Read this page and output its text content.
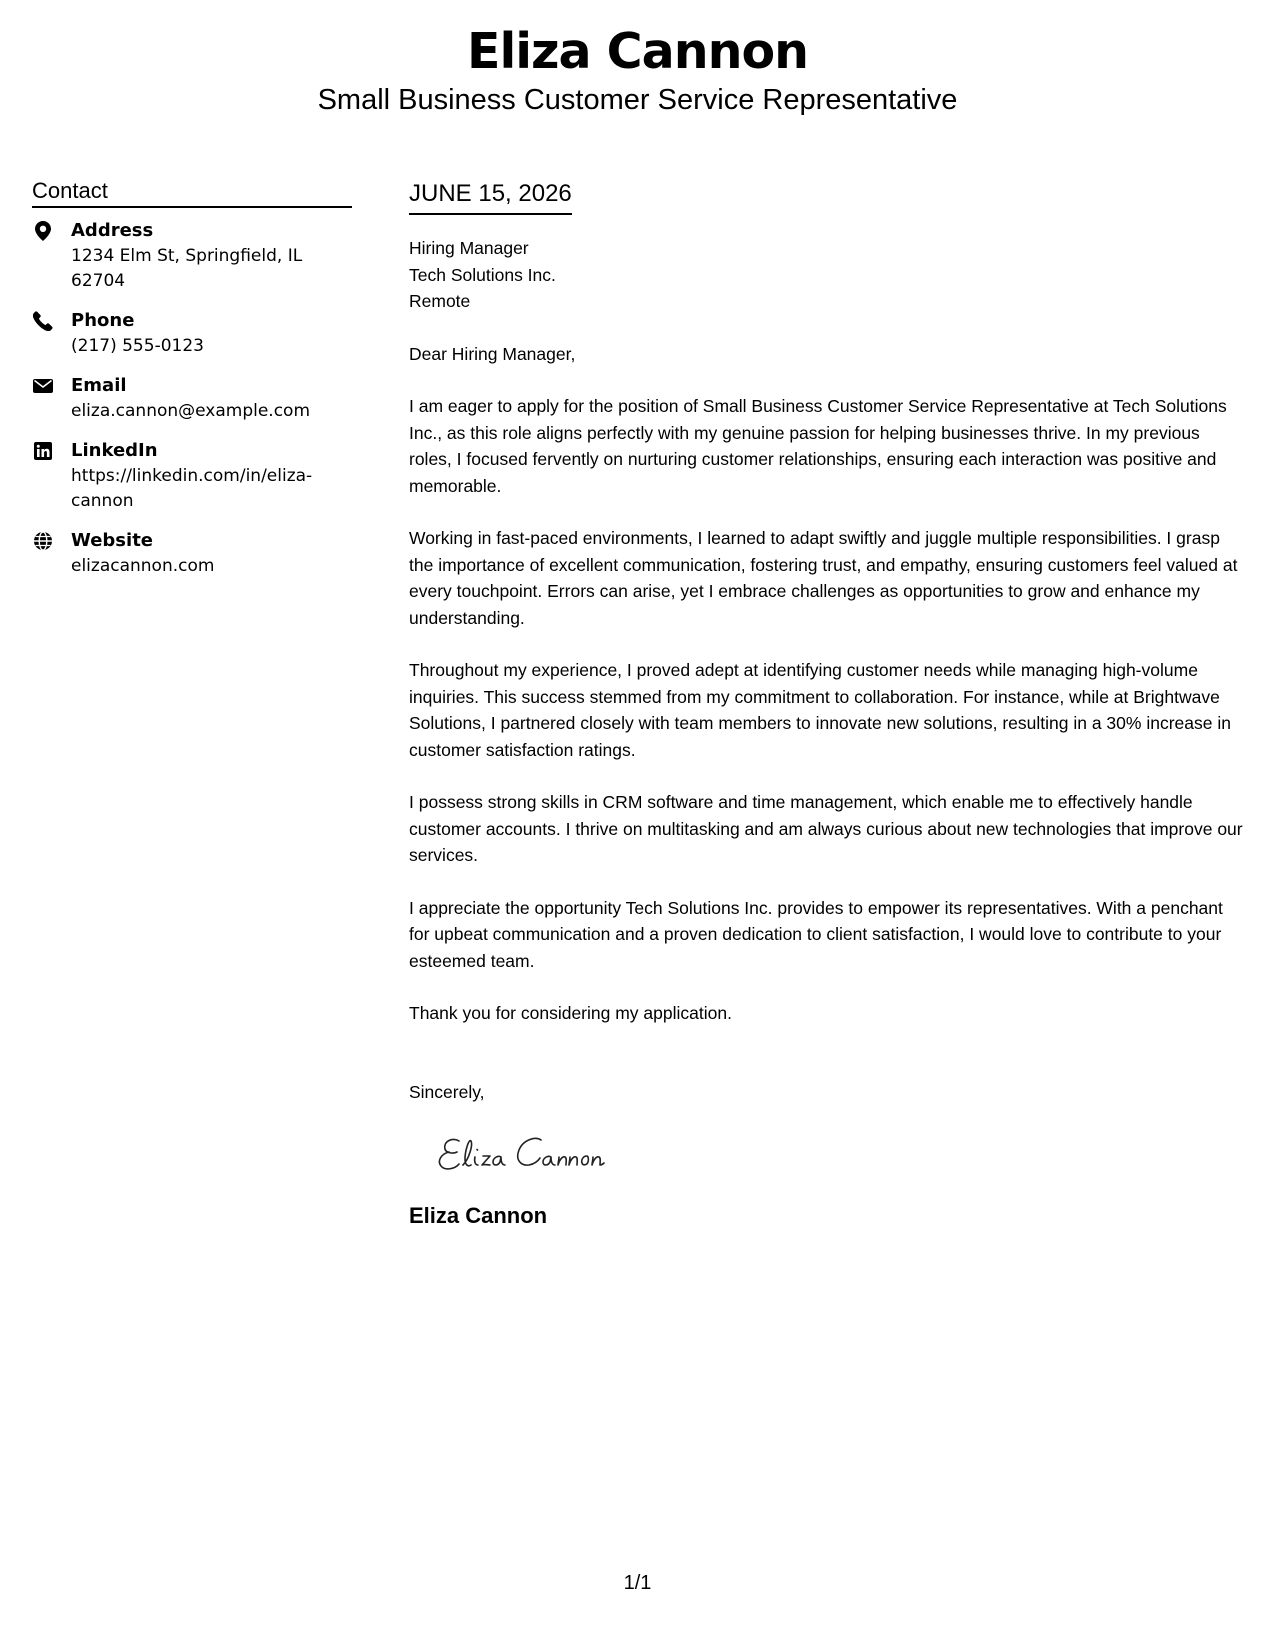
Eliza Cannon
Small Business Customer Service Representative
Contact
Address
1234 Elm St, Springfield, IL 62704
Phone
(217) 555-0123
Email
eliza.cannon@example.com
LinkedIn
https://linkedin.com/in/eliza-cannon
Website
elizacannon.com
JUNE 15, 2026
Hiring Manager
Tech Solutions Inc.
Remote

Dear Hiring Manager,

I am eager to apply for the position of Small Business Customer Service Representative at Tech Solutions Inc., as this role aligns perfectly with my genuine passion for helping businesses thrive. In my previous roles, I focused fervently on nurturing customer relationships, ensuring each interaction was positive and memorable.

Working in fast-paced environments, I learned to adapt swiftly and juggle multiple responsibilities. I grasp the importance of excellent communication, fostering trust, and empathy, ensuring customers feel valued at every touchpoint. Errors can arise, yet I embrace challenges as opportunities to grow and enhance my understanding.

Throughout my experience, I proved adept at identifying customer needs while managing high-volume inquiries. This success stemmed from my commitment to collaboration. For instance, while at Brightwave Solutions, I partnered closely with team members to innovate new solutions, resulting in a 30% increase in customer satisfaction ratings.

I possess strong skills in CRM software and time management, which enable me to effectively handle customer accounts. I thrive on multitasking and am always curious about new technologies that improve our services.

I appreciate the opportunity Tech Solutions Inc. provides to empower its representatives. With a penchant for upbeat communication and a proven dedication to client satisfaction, I would love to contribute to your esteemed team.

Thank you for considering my application.

Sincerely,
Eliza Cannon
1/1
